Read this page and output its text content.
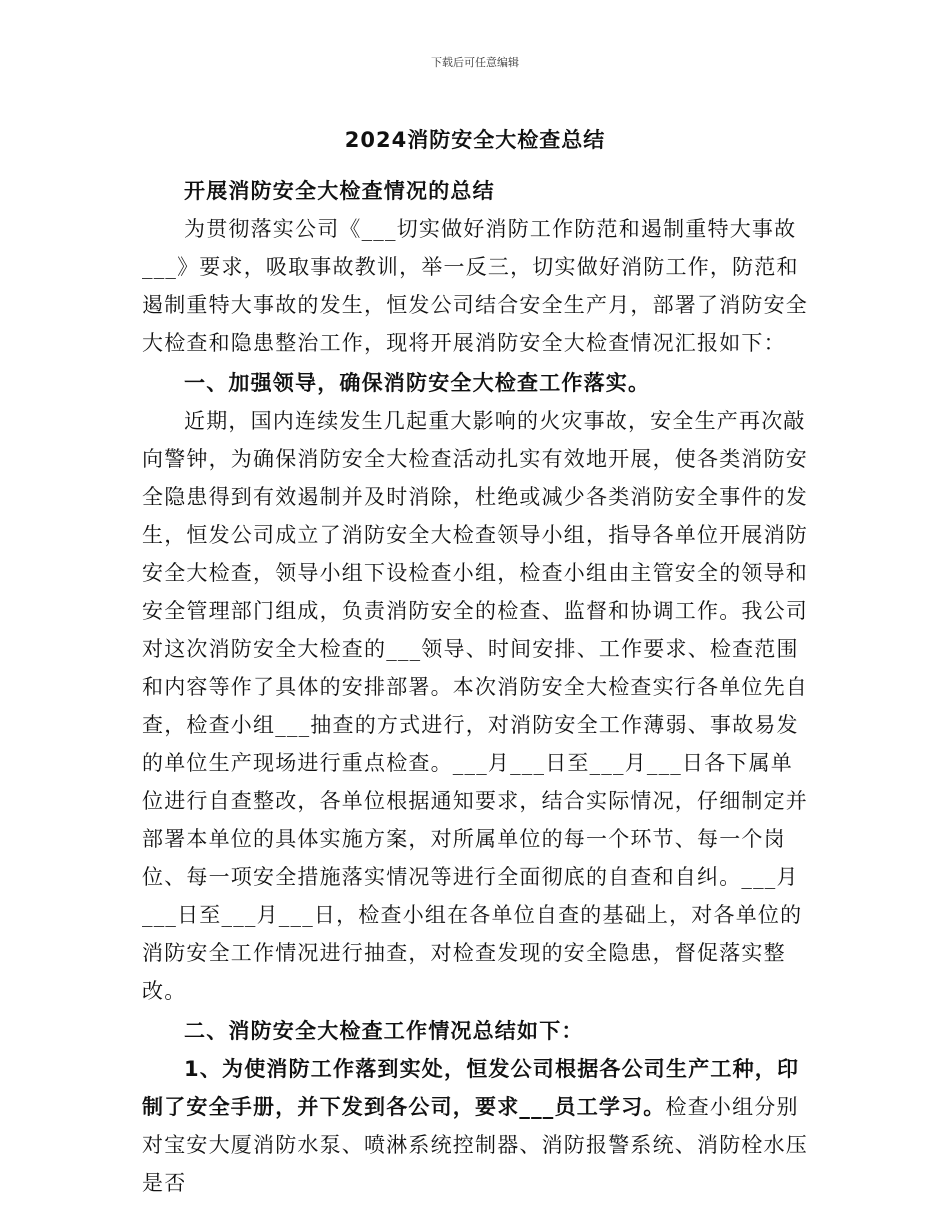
下载后可任意编辑
2024消防安全大检查总结

开展消防安全大检查情况的总结

为贯彻落实公司《___切实做好消防工作防范和遏制重特大事故___》要求，吸取事故教训，举一反三，切实做好消防工作，防范和遏制重特大事故的发生，恒发公司结合安全生产月，部署了消防安全大检查和隐患整治工作，现将开展消防安全大检查情况汇报如下：

一、加强领导，确保消防安全大检查工作落实。

近期，国内连续发生几起重大影响的火灾事故，安全生产再次敲向警钟，为确保消防安全大检查活动扎实有效地开展，使各类消防安全隐患得到有效遏制并及时消除，杜绝或减少各类消防安全事件的发生，恒发公司成立了消防安全大检查领导小组，指导各单位开展消防安全大检查，领导小组下设检查小组，检查小组由主管安全的领导和安全管理部门组成，负责消防安全的检查、监督和协调工作。我公司对这次消防安全大检查的___领导、时间安排、工作要求、检查范围和内容等作了具体的安排部署。本次消防安全大检查实行各单位先自查，检查小组___抽查的方式进行，对消防安全工作薄弱、事故易发的单位生产现场进行重点检查。___月___日至___月___日各下属单位进行自查整改，各单位根据通知要求，结合实际情况，仔细制定并部署本单位的具体实施方案，对所属单位的每一个环节、每一个岗位、每一项安全措施落实情况等进行全面彻底的自查和自纠。___月___日至___月___日，检查小组在各单位自查的基础上，对各单位的消防安全工作情况进行抽查，对检查发现的安全隐患，督促落实整改。

二、消防安全大检查工作情况总结如下：

1、为使消防工作落到实处，恒发公司根据各公司生产工种，印制了安全手册，并下发到各公司，要求___员工学习。检查小组分别对宝安大厦消防水泵、喷淋系统控制器、消防报警系统、消防栓水压是否
